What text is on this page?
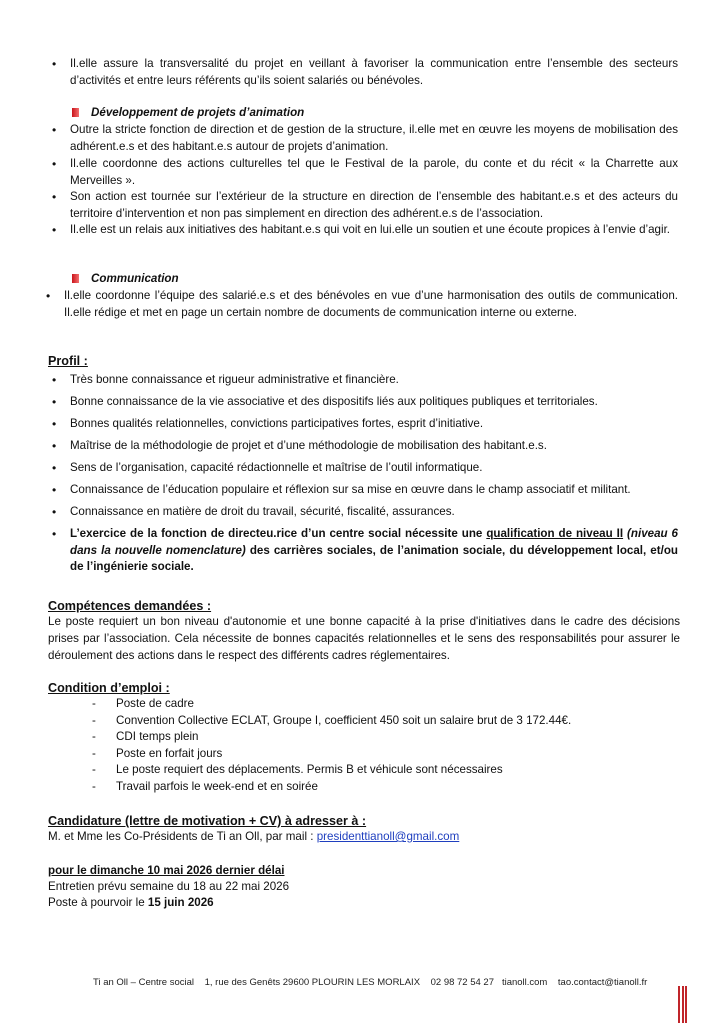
• Il.elle assure la transversalité du projet en veillant à favoriser la communication entre l’ensemble des secteurs d’activités et entre leurs référents qu’ils soient salariés ou bénévoles.
Développement de projets d’animation
• Outre la stricte fonction de direction et de gestion de la structure, il.elle met en œuvre les moyens de mobilisation des adhérent.e.s et des habitant.e.s autour de projets d’animation.
• Il.elle coordonne des actions culturelles tel que le Festival de la parole, du conte et du récit « la Charrette aux Merveilles ».
• Son action est tournée sur l’extérieur de la structure en direction de l’ensemble des habitant.e.s et des acteurs du territoire d’intervention et non pas simplement en direction des adhérent.e.s de l’association.
• Il.elle est un relais aux initiatives des habitant.e.s qui voit en lui.elle un soutien et une écoute propices à l’envie d’agir.
Communication
• Il.elle coordonne l’équipe des salarié.e.s et des bénévoles en vue d’une harmonisation des outils de communication. Il.elle rédige et met en page un certain nombre de documents de communication interne ou externe.
Profil :
• Très bonne connaissance et rigueur administrative et financière.
• Bonne connaissance de la vie associative et des dispositifs liés aux politiques publiques et territoriales.
• Bonnes qualités relationnelles, convictions participatives fortes, esprit d’initiative.
• Maîtrise de la méthodologie de projet et d’une méthodologie de mobilisation des habitant.e.s.
• Sens de l’organisation, capacité rédactionnelle et maîtrise de l’outil informatique.
• Connaissance de l’éducation populaire et réflexion sur sa mise en œuvre dans le champ associatif et militant.
• Connaissance en matière de droit du travail, sécurité, fiscalité, assurances.
• L’exercice de la fonction de directeu.rice d’un centre social nécessite une qualification de niveau II (niveau 6 dans la nouvelle nomenclature) des carrières sociales, de l’animation sociale, du développement local, et/ou de l’ingénierie sociale.
Compétences demandées :
Le poste requiert un bon niveau d'autonomie et une bonne capacité à la prise d'initiatives dans le cadre des décisions prises par l’association. Cela nécessite de bonnes capacités relationnelles et le sens des responsabilités pour assurer le déroulement des actions dans le respect des différents cadres réglementaires.
Condition d’emploi :
- Poste de cadre
- Convention Collective ECLAT, Groupe I, coefficient 450 soit un salaire brut de 3 172.44€.
- CDI temps plein
- Poste en forfait jours
- Le poste requiert des déplacements. Permis B et véhicule sont nécessaires
- Travail parfois le week-end et en soirée
Candidature (lettre de motivation + CV) à adresser à :
M. et Mme les Co-Présidents de Ti an Oll, par mail : presidenttianoll@gmail.com
pour le dimanche 10 mai 2026 dernier délai
Entretien prévu semaine du 18 au 22 mai 2026
Poste à pourvoir le 15 juin 2026
Ti an Oll – Centre social 1, rue des Genêts 29600 PLOURIN LES MORLAIX 02 98 72 54 27 tianoll.com tao.contact@tianoll.fr
